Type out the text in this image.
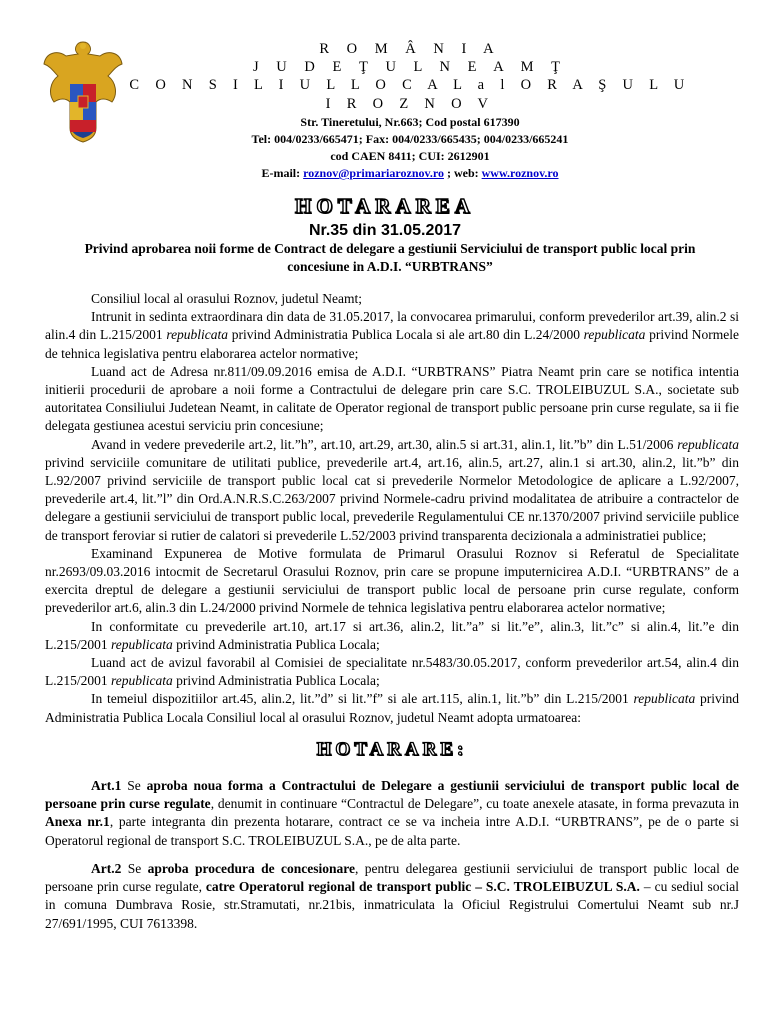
R O M Â N I A
J U D E Ţ U L N E A M Ţ
C O N S I L I U L L O C A L a l O R A Ş U L U I R O Z N O V
Str. Tineretului, Nr.663; Cod postal 617390
Tel: 004/0233/665471; Fax: 004/0233/665435; 004/0233/665241
cod CAEN 8411; CUI: 2612901
E-mail: roznov@primariaroznov.ro ; web: www.roznov.ro
HOTARAREA
Nr.35 din 31.05.2017
Privind aprobarea noii forme de Contract de delegare a gestiunii Serviciului de transport public local prin concesiune in A.D.I. “URBTRANS”

Consiliul local al orasului Roznov, judetul Neamt;

Intrunit in sedinta extraordinara din data de 31.05.2017, la convocarea primarului, conform prevederilor art.39, alin.2 si alin.4 din L.215/2001 republicata privind Administratia Publica Locala si ale art.80 din L.24/2000 republicata privind Normele de tehnica legislativa pentru elaborarea actelor normative;

Luand act de Adresa nr.811/09.09.2016 emisa de A.D.I. “URBTRANS” Piatra Neamt prin care se notifica intentia initierii procedurii de aprobare a noii forme a Contractului de delegare prin care S.C. TROLEIBUZUL S.A., societate sub autoritatea Consiliului Judetean Neamt, in calitate de Operator regional de transport public persoane prin curse regulate, sa ii fie delegata gestiunea acestui serviciu prin concesiune;

Avand in vedere prevederile art.2, lit.”h”, art.10, art.29, art.30, alin.5 si art.31, alin.1, lit.”b” din L.51/2006 republicata privind serviciile comunitare de utilitati publice, prevederile art.4, art.16, alin.5, art.27, alin.1 si art.30, alin.2, lit.”b” din L.92/2007 privind serviciile de transport public local cat si prevederile Normelor Metodologice de aplicare a L.92/2007, prevederile art.4, lit.”l” din Ord.A.N.R.S.C.263/2007 privind Normele-cadru privind modalitatea de atribuire a contractelor de delegare a gestiunii serviciului de transport public local, prevederile Regulamentului CE nr.1370/2007 privind serviciile publice de transport feroviar si rutier de calatori si prevederile L.52/2003 privind transparenta decizionala a administratiei publice;

Examinand Expunerea de Motive formulata de Primarul Orasului Roznov si Referatul de Specialitate nr.2693/09.03.2016 intocmit de Secretarul Orasului Roznov, prin care se propune imputernicirea A.D.I. “URBTRANS” de a exercita dreptul de delegare a gestiunii serviciului de transport public local de persoane prin curse regulate, conform prevederilor art.6, alin.3 din L.24/2000 privind Normele de tehnica legislativa pentru elaborarea actelor normative;

In conformitate cu prevederile art.10, art.17 si art.36, alin.2, lit.”a” si lit.”e”, alin.3, lit.”c” si alin.4, lit.”e din L.215/2001 republicata privind Administratia Publica Locala;

Luand act de avizul favorabil al Comisiei de specialitate nr.5483/30.05.2017, conform prevederilor art.54, alin.4 din L.215/2001 republicata privind Administratia Publica Locala;

In temeiul dispozitiilor art.45, alin.2, lit.”d” si lit.”f” si ale art.115, alin.1, lit.”b” din L.215/2001 republicata privind Administratia Publica Locala Consiliul local al orasului Roznov, judetul Neamt adopta urmatoarea:

HOTARARE:

Art.1 Se aproba noua forma a Contractului de Delegare a gestiunii serviciului de transport public local de persoane prin curse regulate, denumit in continuare “Contractul de Delegare”, cu toate anexele atasate, in forma prevazuta in Anexa nr.1, parte integranta din prezenta hotarare, contract ce se va incheia intre A.D.I. “URBTRANS”, pe de o parte si Operatorul regional de transport S.C. TROLEIBUZUL S.A., pe de alta parte.

Art.2 Se aproba procedura de concesionare, pentru delegarea gestiunii serviciului de transport public local de persoane prin curse regulate, catre Operatorul regional de transport public – S.C. TROLEIBUZUL S.A. – cu sediul social in comuna Dumbrava Rosie, str.Stramutati, nr.21bis, inmatriculata la Oficiul Registrului Comertului Neamt sub nr.J 27/691/1995, CUI 7613398.
